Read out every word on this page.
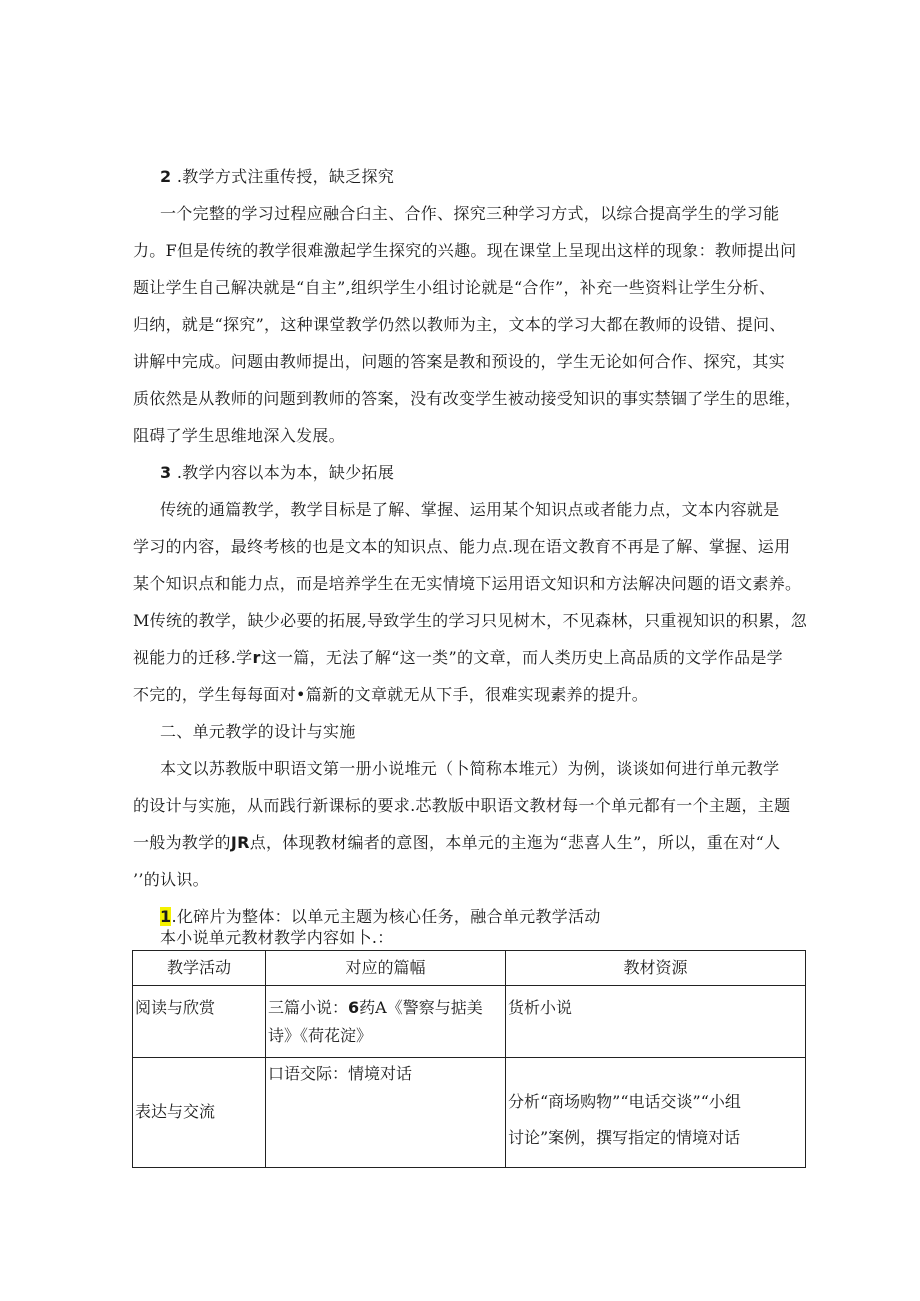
2 .教学方式注重传授，缺乏探究
一个完整的学习过程应融合臼主、合作、探究三种学习方式，以综合提高学生的学习能
力。F但是传统的教学很难激起学生探究的兴趣。现在课堂上呈现出这样的现象：教师提出问
题让学生自己解决就是“自主”,组织学生小组讨论就是“合作”，补充一些资料让学生分析、
归纳，就是“探究”，这种课堂教学仍然以教师为主，文本的学习大都在教师的设错、提问、
讲解中完成。问题由教师提出，问题的答案是教和预设的，学生无论如何合作、探究，其实
质依然是从教师的问题到教师的答案，没有改变学生被动接受知识的事实禁锢了学生的思维，
阻碍了学生思维地深入发展。
3 .教学内容以本为本，缺少拓展
传统的通篇教学，教学目标是了解、掌握、运用某个知识点或者能力点，文本内容就是
学习的内容，最终考核的也是文本的知识点、能力点.现在语文教育不再是了解、掌握、运用
某个知识点和能力点，而是培养学生在无实情境下运用语文知识和方法解决问题的语文素养。
M传统的教学，缺少必要的拓展,导致学生的学习只见树木，不见森林，只重视知识的积累，忽
视能力的迁移.学r这一篇，无法了解“这一类”的文章，而人类历史上高品质的文学作品是学
不完的，学生每每面对•篇新的文章就无从下手，很难实现素养的提升。
二、单元教学的设计与实施
本文以苏教版中职语文第一册小说堆元（卜简称本堆元）为例，谈谈如何进行单元教学
的设计与实施，从而践行新课标的要求.芯教版中职语文教材每一个单元都有一个主题，主题
一般为教学的JR点，体现教材编者的意图，本单元的主迤为“悲喜人生”，所以，重在对“人
’’的认识。
1.化碎片为整体：以单元主题为核心任务，融合单元教学活动
本小说单元教材教学内容如卜.：
教学活动	对应的篇幅	教材资源

阅读与欣赏	三篇小说：6药A《警察与掂美
诗》《荷花淀》	货析小说

表达与交流	口语交际：情境对话	分析“商场购物”“电话交谈”“小组
讨论”案例，撰写指定的情境对话
